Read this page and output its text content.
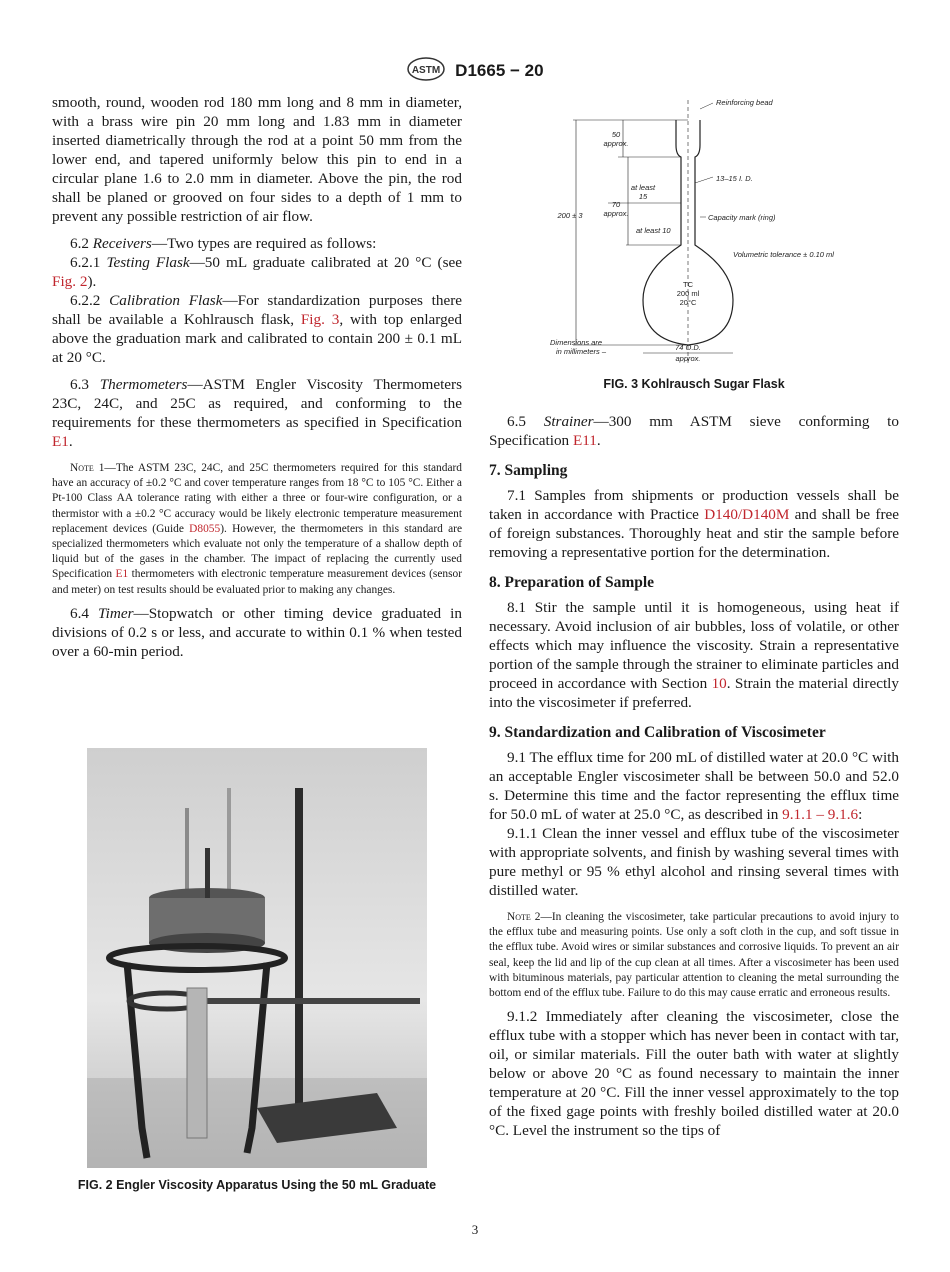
ASTM D1665 − 20

smooth, round, wooden rod 180 mm long and 8 mm in diameter, with a brass wire pin 20 mm long and 1.83 mm in diameter inserted diametrically through the rod at a point 50 mm from the lower end, and tapered uniformly below this pin to end in a circular plane 1.6 to 2.0 mm in diameter. Above the pin, the rod shall be planed or grooved on four sides to a depth of 1 mm to prevent any possible restriction of air flow.

6.2 Receivers—Two types are required as follows:

6.2.1 Testing Flask—50 mL graduate calibrated at 20 °C (see Fig. 2).

6.2.2 Calibration Flask—For standardization purposes there shall be available a Kohlrausch flask, Fig. 3, with top enlarged above the graduation mark and calibrated to contain 200 ± 0.1 mL at 20 °C.

6.3 Thermometers—ASTM Engler Viscosity Thermometers 23C, 24C, and 25C as required, and conforming to the requirements for these thermometers as specified in Specification E1.

Note 1—The ASTM 23C, 24C, and 25C thermometers required for this standard have an accuracy of ±0.2 °C and cover temperature ranges from 18 °C to 105 °C. Either a Pt-100 Class AA tolerance rating with either a three or four-wire configuration, or a thermistor with a ±0.2 °C accuracy would be likely electronic temperature measurement replacement devices (Guide D8055). However, the thermometers in this standard are specialized thermometers which evaluate not only the temperature of a shallow depth of liquid but of the gases in the chamber. The impact of replacing the currently used Specification E1 thermometers with electronic temperature measurement devices (sensor and meter) on test results should be evaluated prior to making any changes.

6.4 Timer—Stopwatch or other timing device graduated in divisions of 0.2 s or less, and accurate to within 0.1 % when tested over a 60-min period.

FIG. 2 Engler Viscosity Apparatus Using the 50 mL Graduate
Reinforcing bead
50
approx.
13–15 I. D.
at least
15
70
approx.
200 ± 3	Capacity mark (ring)
at least 10
Volumetric tolerance ± 0.10 ml
TC
200 ml
20°C
Dimensions are
in millimeters –	74 O.D.
approx.
FIG. 3 Kohlrausch Sugar Flask

6.5 Strainer—300 mm ASTM sieve conforming to Specification E11.

7. Sampling

7.1 Samples from shipments or production vessels shall be taken in accordance with Practice D140/D140M and shall be free of foreign substances. Thoroughly heat and stir the sample before removing a representative portion for the determination.

8. Preparation of Sample

8.1 Stir the sample until it is homogeneous, using heat if necessary. Avoid inclusion of air bubbles, loss of volatile, or other effects which may influence the viscosity. Strain a representative portion of the sample through the strainer to eliminate particles and proceed in accordance with Section 10. Strain the material directly into the viscosimeter if preferred.

9. Standardization and Calibration of Viscosimeter

9.1 The efflux time for 200 mL of distilled water at 20.0 °C with an acceptable Engler viscosimeter shall be between 50.0 and 52.0 s. Determine this time and the factor representing the efflux time for 50.0 mL of water at 25.0 °C, as described in 9.1.1 – 9.1.6:

9.1.1 Clean the inner vessel and efflux tube of the viscosimeter with appropriate solvents, and finish by washing several times with pure methyl or 95 % ethyl alcohol and rinsing several times with distilled water.

Note 2—In cleaning the viscosimeter, take particular precautions to avoid injury to the efflux tube and measuring points. Use only a soft cloth in the cup, and soft tissue in the efflux tube. Avoid wires or similar substances and corrosive liquids. To prevent an air seal, keep the lid and lip of the cup clean at all times. After a viscosimeter has been used with bituminous materials, pay particular attention to cleaning the metal surrounding the bottom end of the efflux tube. Failure to do this may cause erratic and erroneous results.

9.1.2 Immediately after cleaning the viscosimeter, close the efflux tube with a stopper which has never been in contact with tar, oil, or similar materials. Fill the outer bath with water at slightly below or above 20 °C as found necessary to maintain the inner temperature at 20 °C. Fill the inner vessel approximately to the top of the fixed gage points with freshly boiled distilled water at 20.0 °C. Level the instrument so the tips of

3
